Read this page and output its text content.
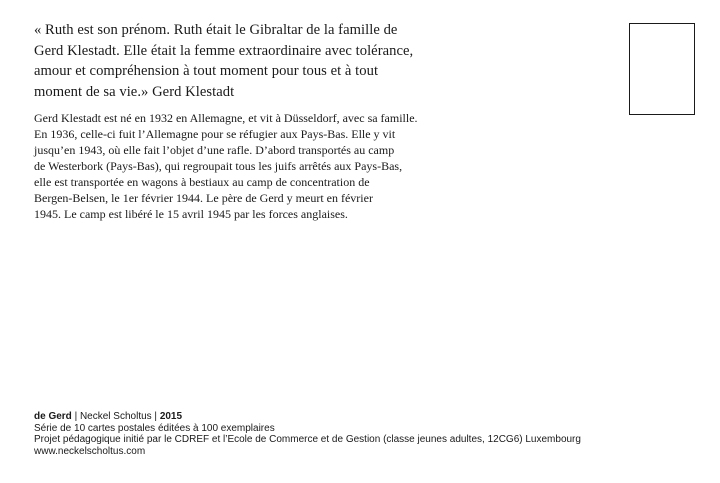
« Ruth est son prénom. Ruth était le Gibraltar de la famille de
Gerd Klestadt. Elle était la femme extraordinaire avec tolérance,
amour et compréhension à tout moment pour tous et à tout
moment de sa vie.» Gerd Klestadt
Gerd Klestadt est né en 1932 en Allemagne, et vit à Düsseldorf, avec sa famille.
En 1936, celle-ci fuit l’Allemagne pour se réfugier aux Pays-Bas. Elle y vit
jusqu’en 1943, où elle fait l’objet d’une rafle. D’abord transportés au camp
de Westerbork (Pays-Bas), qui regroupait tous les juifs arrêtés aux Pays-Bas,
elle est transportée en wagons à bestiaux au camp de concentration de
Bergen-Belsen, le 1er février 1944. Le père de Gerd y meurt en février
1945. Le camp est libéré le 15 avril 1945 par les forces anglaises.
de Gerd | Neckel Scholtus | 2015
Série de 10 cartes postales éditées à 100 exemplaires
Projet pédagogique initié par le CDREF et l’Ecole de Commerce et de Gestion (classe jeunes adultes, 12CG6) Luxembourg
www.neckelscholtus.com
